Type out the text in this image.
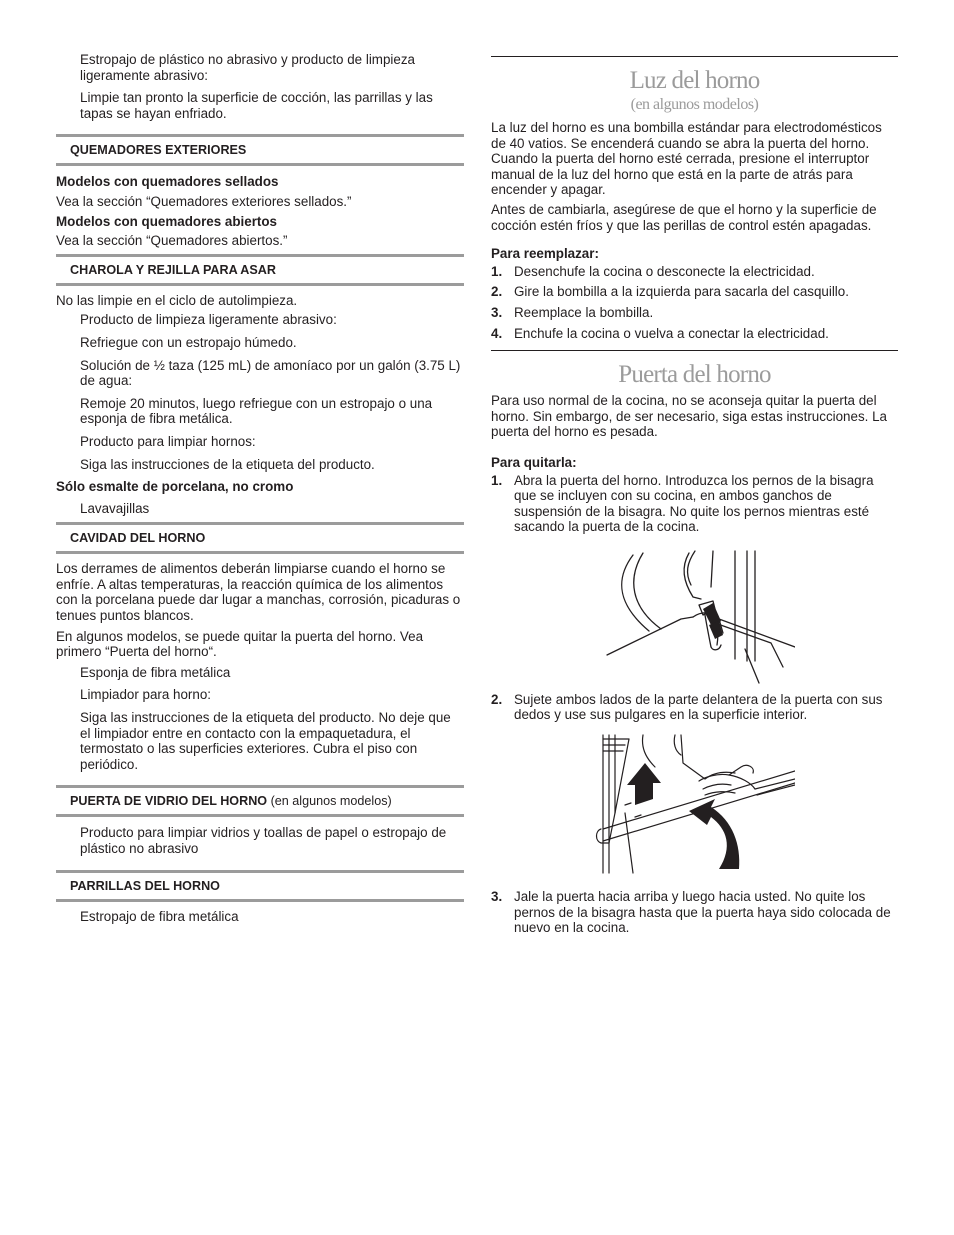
Estropajo de plástico no abrasivo y producto de limpieza ligeramente abrasivo:

Limpie tan pronto la superficie de cocción, las parrillas y las tapas se hayan enfriado.

QUEMADORES EXTERIORES

Modelos con quemadores sellados

Vea la sección “Quemadores exteriores sellados.”

Modelos con quemadores abiertos

Vea la sección “Quemadores abiertos.”

CHAROLA Y REJILLA PARA ASAR

No las limpie en el ciclo de autolimpieza.

Producto de limpieza ligeramente abrasivo:

Refriegue con un estropajo húmedo.

Solución de ½ taza (125 mL) de amoníaco por un galón (3.75 L) de agua:

Remoje 20 minutos, luego refriegue con un estropajo o una esponja de fibra metálica.

Producto para limpiar hornos:

Siga las instrucciones de la etiqueta del producto.

Sólo esmalte de porcelana, no cromo

Lavavajillas

CAVIDAD DEL HORNO

Los derrames de alimentos deberán limpiarse cuando el horno se enfríe. A altas temperaturas, la reacción química de los alimentos con la porcelana puede dar lugar a manchas, corrosión, picaduras o tenues puntos blancos.

En algunos modelos, se puede quitar la puerta del horno. Vea primero “Puerta del horno“.

Esponja de fibra metálica

Limpiador para horno:

Siga las instrucciones de la etiqueta del producto. No deje que el limpiador entre en contacto con la empaquetadura, el termostato o las superficies exteriores. Cubra el piso con periódico.

PUERTA DE VIDRIO DEL HORNO (en algunos modelos)

Producto para limpiar vidrios y toallas de papel o estropajo de plástico no abrasivo

PARRILLAS DEL HORNO

Estropajo de fibra metálica

Luz del horno
(en algunos modelos)

La luz del horno es una bombilla estándar para electrodomésticos de 40 vatios. Se encenderá cuando se abra la puerta del horno. Cuando la puerta del horno esté cerrada, presione el interruptor manual de la luz del horno que está en la parte de atrás para encender y apagar.

Antes de cambiarla, asegúrese de que el horno y la superficie de cocción estén fríos y que las perillas de control estén apagadas.

Para reemplazar:

1. Desenchufe la cocina o desconecte la electricidad.
2. Gire la bombilla a la izquierda para sacarla del casquillo.
3. Reemplace la bombilla.
4. Enchufe la cocina o vuelva a conectar la electricidad.
Puerta del horno

Para uso normal de la cocina, no se aconseja quitar la puerta del horno. Sin embargo, de ser necesario, siga estas instrucciones. La puerta del horno es pesada.

Para quitarla:

1. Abra la puerta del horno. Introduzca los pernos de la bisagra que se incluyen con su cocina, en ambos ganchos de suspensión de la bisagra. No quite los pernos mientras esté sacando la puerta de la cocina.
2. Sujete ambos lados de la parte delantera de la puerta con sus dedos y use sus pulgares en la superficie interior.
3. Jale la puerta hacia arriba y luego hacia usted. No quite los pernos de la bisagra hasta que la puerta haya sido colocada de nuevo en la cocina.
